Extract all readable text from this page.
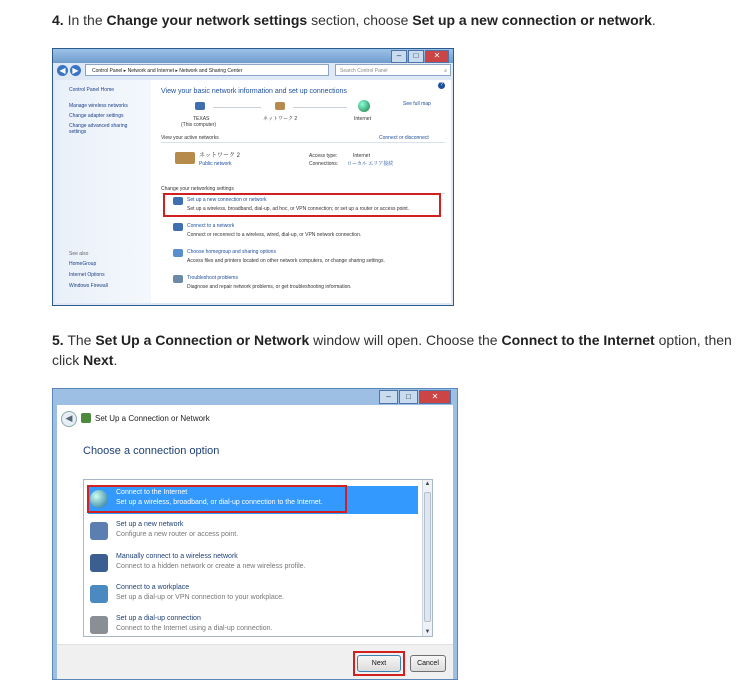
4. In the Change your network settings section, choose Set up a new connection or network.
–	□	✕
◀ ▶	Control Panel ▸ Network and Internet ▸ Network and Sharing Center	Search Control Panel	⌕
Control Panel Home
Manage wireless networks
Change adapter settings
Change advanced sharing
settings
See also
HomeGroup
Internet Options
Windows Firewall
View your basic network information and set up connections
See full map
?
TEXAS
(This computer)
ネットワーク 2	Internet
View your active networks	Connect or disconnect
ネットワーク 2
Public network
Access type:	Internet
Connections: ローカル エリア接続
Change your networking settings
Set up a new connection or network
Set up a wireless, broadband, dial-up, ad hoc, or VPN connection; or set up a router or access point.
Connect to a network
Connect or reconnect to a wireless, wired, dial-up, or VPN network connection.
Choose homegroup and sharing options
Access files and printers located on other network computers, or change sharing settings.
Troubleshoot problems
Diagnose and repair network problems, or get troubleshooting information.
5. The Set Up a Connection or Network window will open. Choose the Connect to the Internet option, then click Next.
–	□	✕
◀	Set Up a Connection or Network
Choose a connection option
Connect to the Internet
Set up a wireless, broadband, or dial-up connection to the Internet.
Set up a new network
Configure a new router or access point.
Manually connect to a wireless network
Connect to a hidden network or create a new wireless profile.
Connect to a workplace
Set up a dial-up or VPN connection to your workplace.
Set up a dial-up connection
Connect to the Internet using a dial-up connection.
▲
▼
Next	Cancel
